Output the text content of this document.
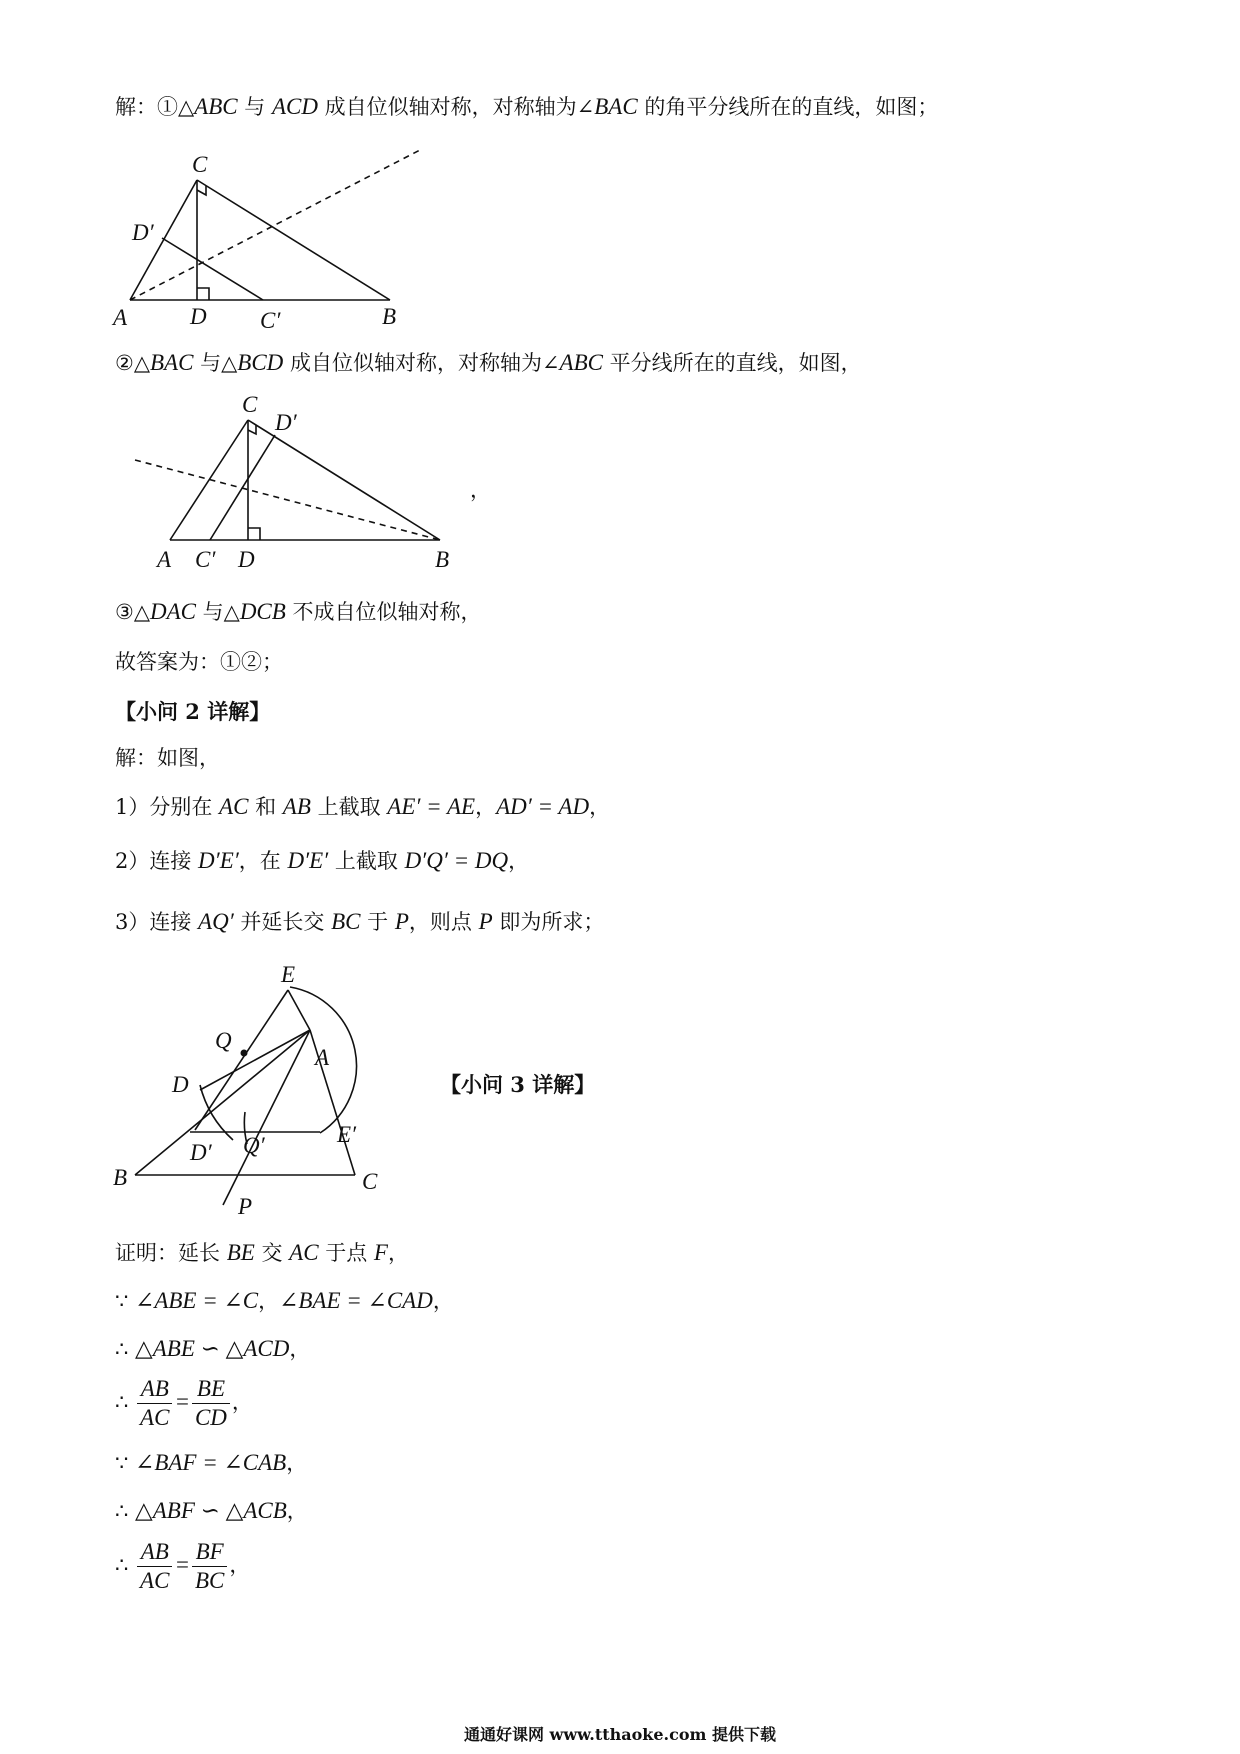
解：①△ABC 与 ACD 成自位似轴对称，对称轴为∠BAC 的角平分线所在的直线，如图；
C
D′
A	D C′	B
②△BAC 与△BCD 成自位似轴对称，对称轴为∠ABC 平分线所在的直线，如图，
C
D′
A C′ D	B
，
③△DAC 与△DCB 不成自位似轴对称，
故答案为：①②；
【小问 2 详解】
解：如图，
1）分别在 AC 和 AB 上截取 AE′ = AE，AD′ = AD，
2）连接 D′E′，在 D′E′ 上截取 D′Q′ = DQ，
3）连接 AQ′ 并延长交 BC 于 P，则点 P 即为所求；
E
Q
A
D
E′
D′ Q′
B	C
P
【小问 3 详解】
证明：延长 BE 交 AC 于点 F，
∵ ∠ABE = ∠C，∠BAE = ∠CAD，
∴ △ABE ∽ △ACD，
∴ $\frac{AB}{AC} = \frac{BE}{CD}$ ，
∵ ∠BAF = ∠CAB，
∴ △ABF ∽ △ACB，
∴ $\frac{AB}{AC} = \frac{BF}{BC}$ ，
通通好课网 www.tthaoke.com 提供下载
